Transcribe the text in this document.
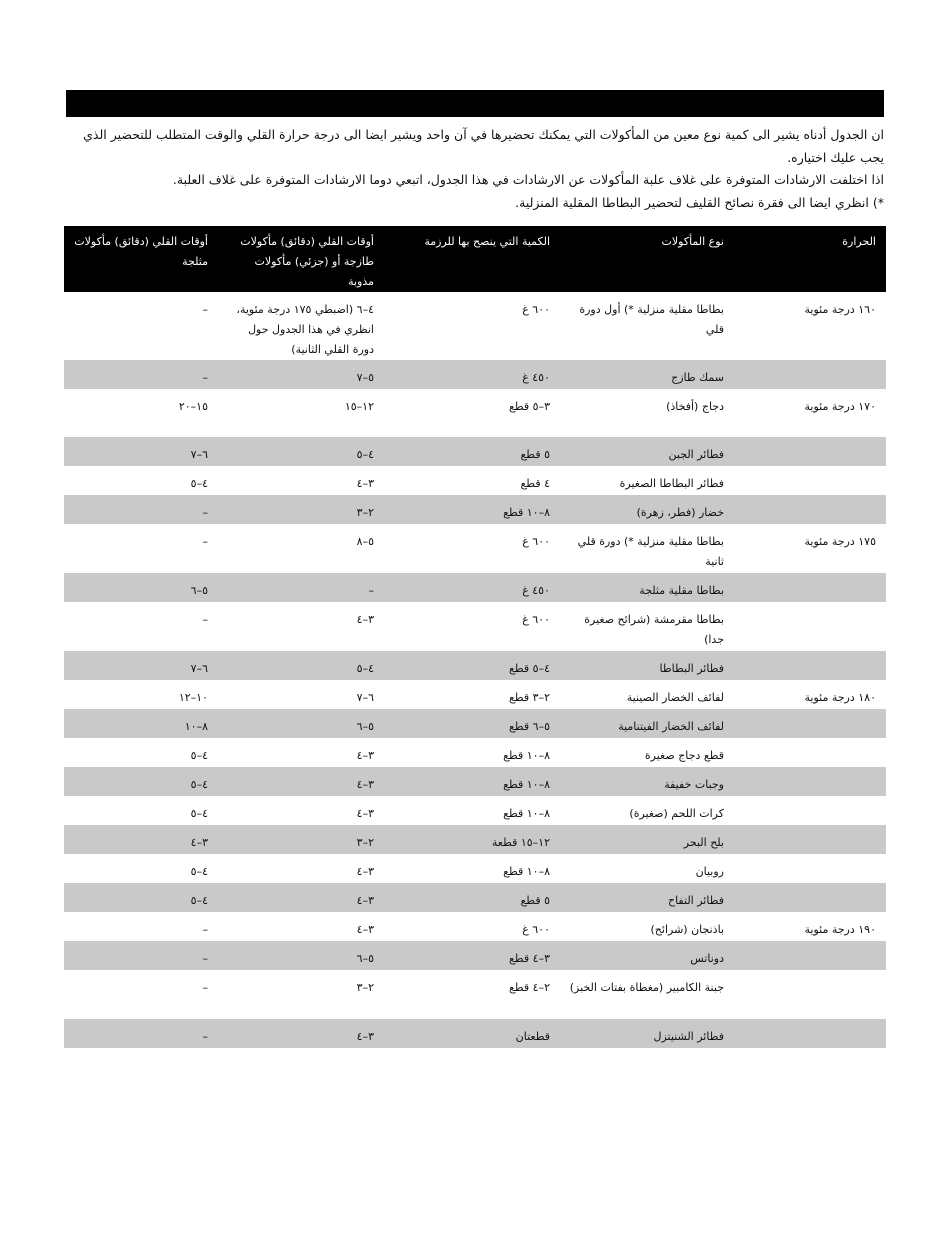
ان الجدول أدناه يشير الى كمية نوع معين من المأكولات التي يمكنك تحضيرها في آن واحد ويشير ايضا الى درجة حرارة القلي والوقت المتطلب للتحضير الذي يجب عليك اختياره.

اذا اختلفت الارشادات المتوفرة على غلاف علبة المأكولات عن الارشادات في هذا الجدول، اتبعي دوما الارشادات المتوفرة على غلاف العلبة.

*) انظري ايضا الى فقرة نصائح القليف لتحضير البطاطا المقلية المنزلية.

الحرارة	نوع المأكولات	الكمية التي ينصح بها للرزمة	أوقات القلي (دقائق) مأكولات طازجة أو (جزئي) مأكولات مذوبة	أوقات القلي (دقائق) مأكولات مثلجة
١٦٠ درجة مئوية	بطاطا مقلية منزلية *) أول دورة قلي	٦٠٠ غ	٤–٦ (اضبطي ١٧٥ درجة مئوية، انظري في هذا الجدول حول دورة القلي الثانية)	–
	سمك طازج	٤٥٠ غ	٥–٧	–
١٧٠ درجة مئوية	دجاج (أفخاذ)	٣–٥ قطع	١٢–١٥	١٥–٢٠
	فطائر الجبن	٥ قطع	٤–٥	٦–٧
	فطائر البطاطا الصغيرة	٤ قطع	٣–٤	٤–٥
	خضار (فطر، زهرة)	٨–١٠ قطع	٢–٣	–
١٧٥ درجة مئوية	بطاطا مقلية منزلية *) دورة قلي ثانية	٦٠٠ غ	٥–٨	–
	بطاطا مقلية مثلجة	٤٥٠ غ	–	٥–٦
	بطاطا مقرمشة (شرائح صغيرة جدا)	٦٠٠ غ	٣–٤	–
	فطائر البطاطا	٤–٥ قطع	٤–٥	٦–٧
١٨٠ درجة مئوية	لفائف الخضار الصينية	٢–٣ قطع	٦–٧	١٠–١٢
	لفائف الخضار الفيتنامية	٥–٦ قطع	٥–٦	٨–١٠
	قطع دجاج صغيرة	٨–١٠ قطع	٣–٤	٤–٥
	وجبات خفيفة	٨–١٠ قطع	٣–٤	٤–٥
	كرات اللحم (صغيرة)	٨–١٠ قطع	٣–٤	٤–٥
	بلح البحر	١٢–١٥ قطعة	٢–٣	٣–٤
	روبيان	٨–١٠ قطع	٣–٤	٤–٥
	فطائر التفاح	٥ قطع	٣–٤	٤–٥
١٩٠ درجة مئوية	باذنجان (شرائح)	٦٠٠ غ	٣–٤	–
	دوناتس	٣–٤ قطع	٥–٦	–
	جبنة الكامبير (مغطاة بفتات الخبز)	٢–٤ قطع	٢–٣	–
	فطائر الشنيتزل	قطعتان	٣–٤	–
